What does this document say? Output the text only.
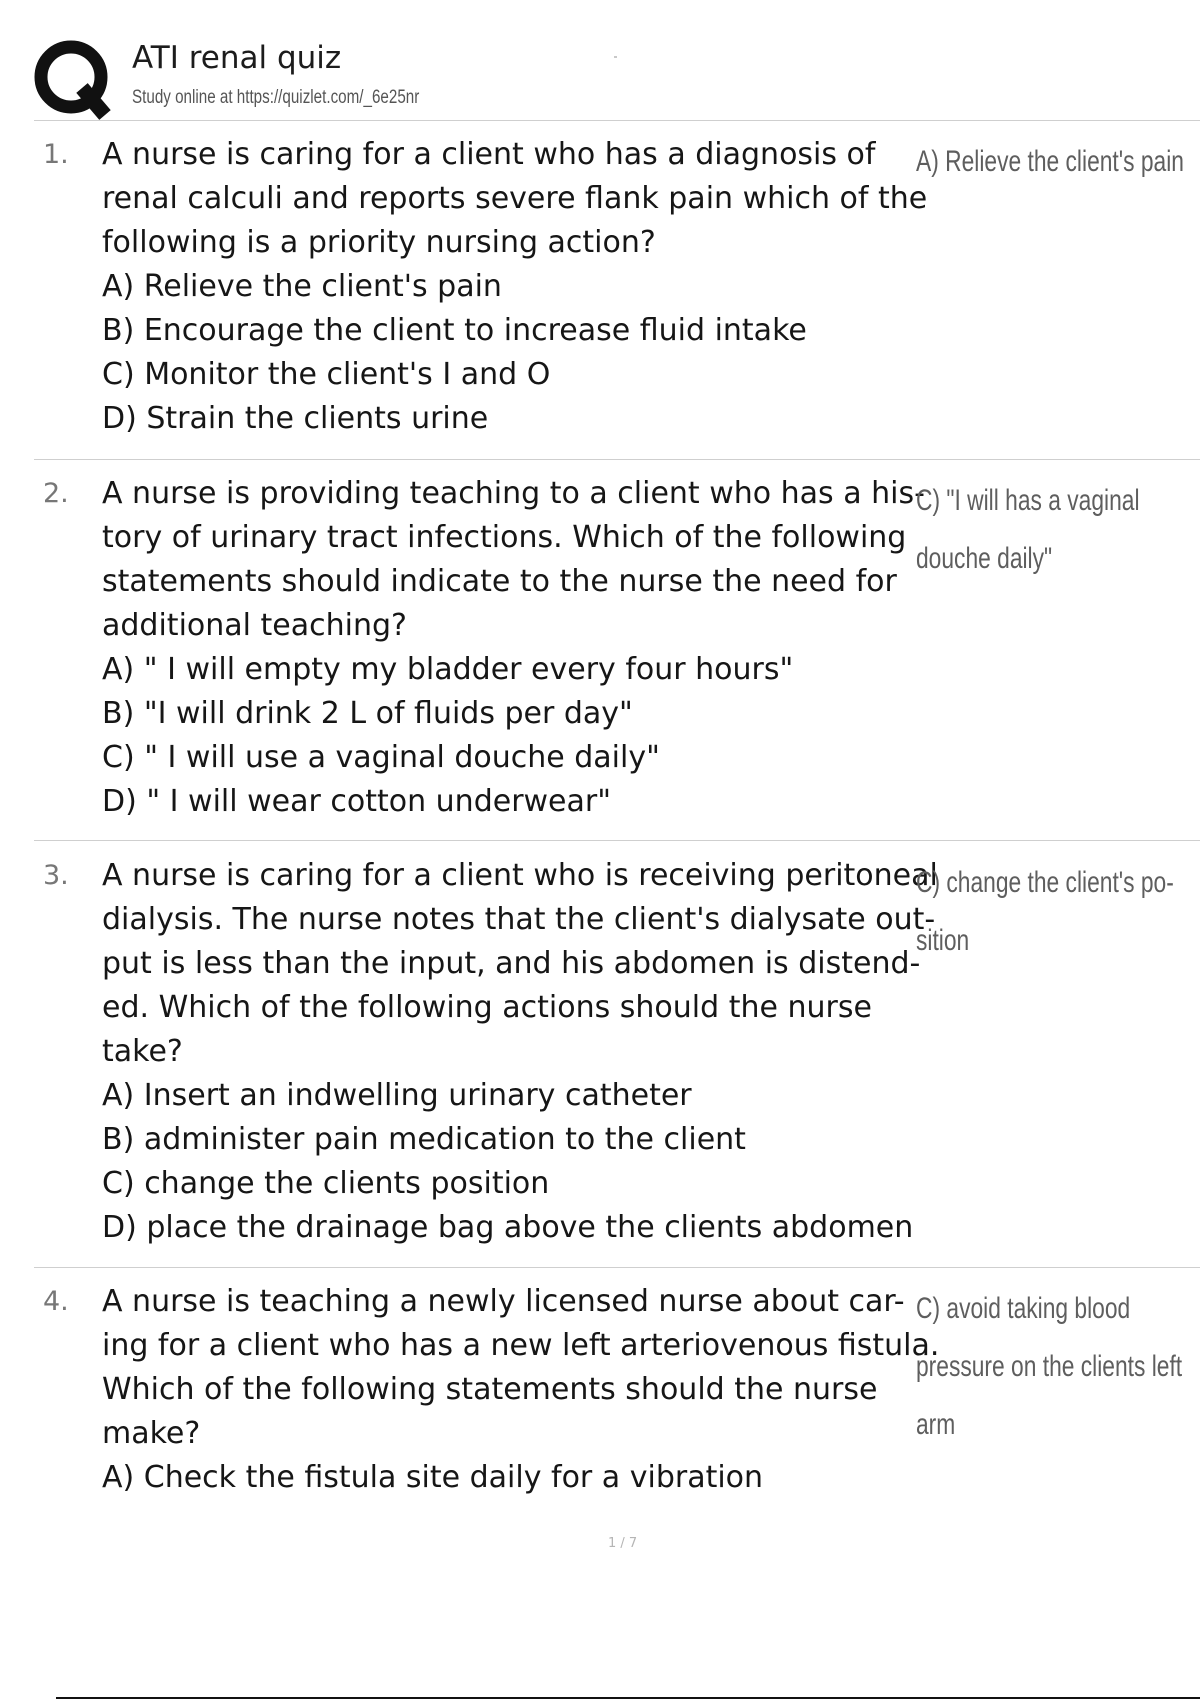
ATI renal quiz
Study online at https://quizlet.com/_6e25nr
1. A nurse is caring for a client who has a diagnosis of

renal calculi and reports severe flank pain which of the

following is a priority nursing action?

A) Relieve the client's pain

B) Encourage the client to increase fluid intake

C) Monitor the client's I and O

D) Strain the clients urine

A) Relieve the client's pain
2. A nurse is providing teaching to a client who has a his-

tory of urinary tract infections. Which of the following

statements should indicate to the nurse the need for

additional teaching?

A) " I will empty my bladder every four hours"

B) "I will drink 2 L of fluids per day"

C) " I will use a vaginal douche daily"

D) " I will wear cotton underwear"

C) "I will has a vaginal
douche daily"
3. A nurse is caring for a client who is receiving peritoneal

dialysis. The nurse notes that the client's dialysate out-

put is less than the input, and his abdomen is distend-

ed. Which of the following actions should the nurse

take?

A) Insert an indwelling urinary catheter

B) administer pain medication to the client

C) change the clients position

D) place the drainage bag above the clients abdomen

C) change the client's po-
sition
4. A nurse is teaching a newly licensed nurse about car-

ing for a client who has a new left arteriovenous fistula.

Which of the following statements should the nurse

make?

A) Check the fistula site daily for a vibration

C) avoid taking blood
pressure on the clients left
arm
1 / 7
